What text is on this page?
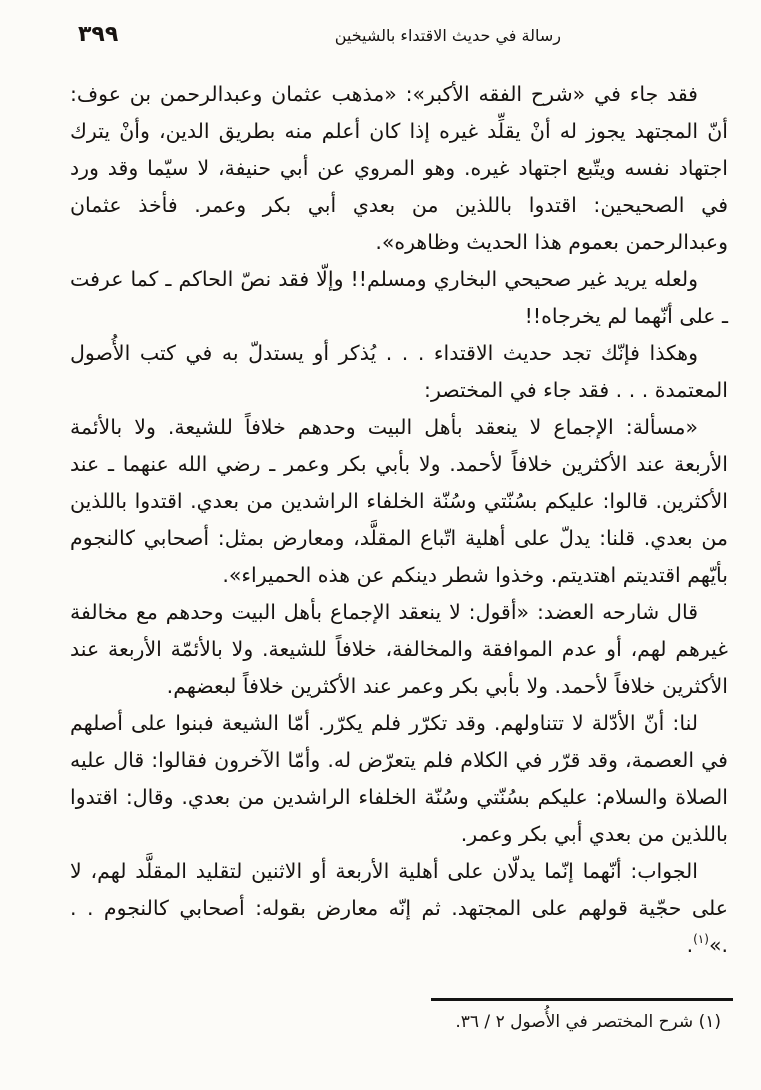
رسالة في حديث الاقتداء بالشيخين
٣٩٩

فقد جاء في «شرح الفقه الأكبر»: «مذهب عثمان وعبدالرحمن بن عوف: أنّ المجتهد يجوز له أنْ يقلِّد غيره إذا كان أعلم منه بطريق الدين، وأنْ يترك اجتهاد نفسه ويتّبع اجتهاد غيره. وهو المروي عن أبي حنيفة، لا سيّما وقد ورد في الصحيحين: اقتدوا باللذين من بعدي أبي بكر وعمر. فأخذ عثمان وعبدالرحمن بعموم هذا الحديث وظاهره».

ولعله يريد غير صحيحي البخاري ومسلم!! وإلّا فقد نصّ الحاكم ـ كما عرفت ـ على أنّهما لم يخرجاه!!

وهكذا فإنّك تجد حديث الاقتداء . . . يُذكر أو يستدلّ به في كتب الأُصول المعتمدة . . . فقد جاء في المختصر:

«مسألة: الإجماع لا ينعقد بأهل البيت وحدهم خلافاً للشيعة. ولا بالأئمة الأربعة عند الأكثرين خلافاً لأحمد. ولا بأبي بكر وعمر ـ رضي الله عنهما ـ عند الأكثرين. قالوا: عليكم بسُنّتي وسُنّة الخلفاء الراشدين من بعدي. اقتدوا باللذين من بعدي. قلنا: يدلّ على أهلية اتّباع المقلَّد، ومعارض بمثل: أصحابي كالنجوم بأيّهم اقتديتم اهتديتم. وخذوا شطر دينكم عن هذه الحميراء».

قال شارحه العضد: «أقول: لا ينعقد الإجماع بأهل البيت وحدهم مع مخالفة غيرهم لهم، أو عدم الموافقة والمخالفة، خلافاً للشيعة. ولا بالأئمّة الأربعة عند الأكثرين خلافاً لأحمد. ولا بأبي بكر وعمر عند الأكثرين خلافاً لبعضهم.

لنا: أنّ الأدّلة لا تتناولهم. وقد تكرّر فلم يكرّر. أمّا الشيعة فبنوا على أصلهم في العصمة، وقد قرّر في الكلام فلم يتعرّض له. وأمّا الآخرون فقالوا: قال عليه الصلاة والسلام: عليكم بسُنّتي وسُنّة الخلفاء الراشدين من بعدي. وقال: اقتدوا باللذين من بعدي أبي بكر وعمر.

الجواب: أنّهما إنّما يدلّان على أهلية الأربعة أو الاثنين لتقليد المقلَّد لهم، لا على حجّية قولهم على المجتهد. ثم إنّه معارض بقوله: أصحابي كالنجوم . . .»$^{(١)}$.

(١) شرح المختصر في الأُصول ٢ / ٣٦.
